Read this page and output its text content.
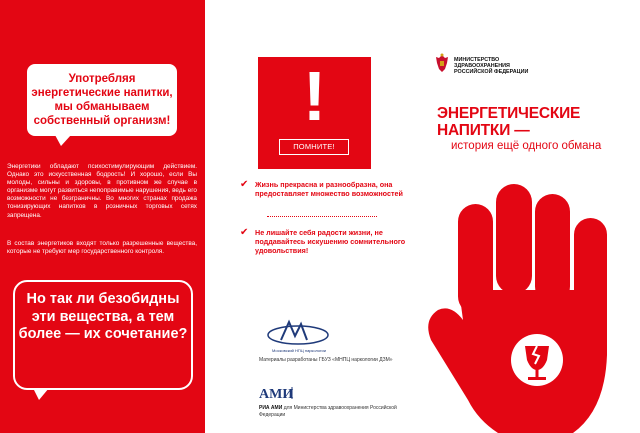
Употребляя энергетические напитки, мы обманываем собственный организм!

Энергетики обладают психостимулирующим действием. Однако это искусственная бодрость! И хорошо, если Вы молоды, сильны и здоровы, в противном же случае в организме могут развиться непоправимые нарушения, ведь его возможности не безграничны. Во многих странах продажа тонизирующих напитков в розничных торговых сетях запрещена.

В состав энергетиков входят только разрешенные вещества, которые не требуют мер государственного контроля.

Но так ли безобидны эти вещества, а тем более — их сочетание?
!
ПОМНИТЕ!
✔ Жизнь прекрасна и разнообразна, она предоставляет множество возможностей
✔ Не лишайте себя радости жизни, не поддавайтесь искушению сомнительного удовольствия!
Московский НПЦ наркологии
Материалы разработаны ГБУЗ «МНПЦ наркологии ДЗМ»
АМИ
РИА АМИ для Министерства здравоохранения Российской Федерации
МИНИСТЕРСТВО
ЗДРАВООХРАНЕНИЯ
РОССИЙСКОЙ ФЕДЕРАЦИИ
ЭНЕРГЕТИЧЕСКИЕ НАПИТКИ —
история ещё одного обмана
